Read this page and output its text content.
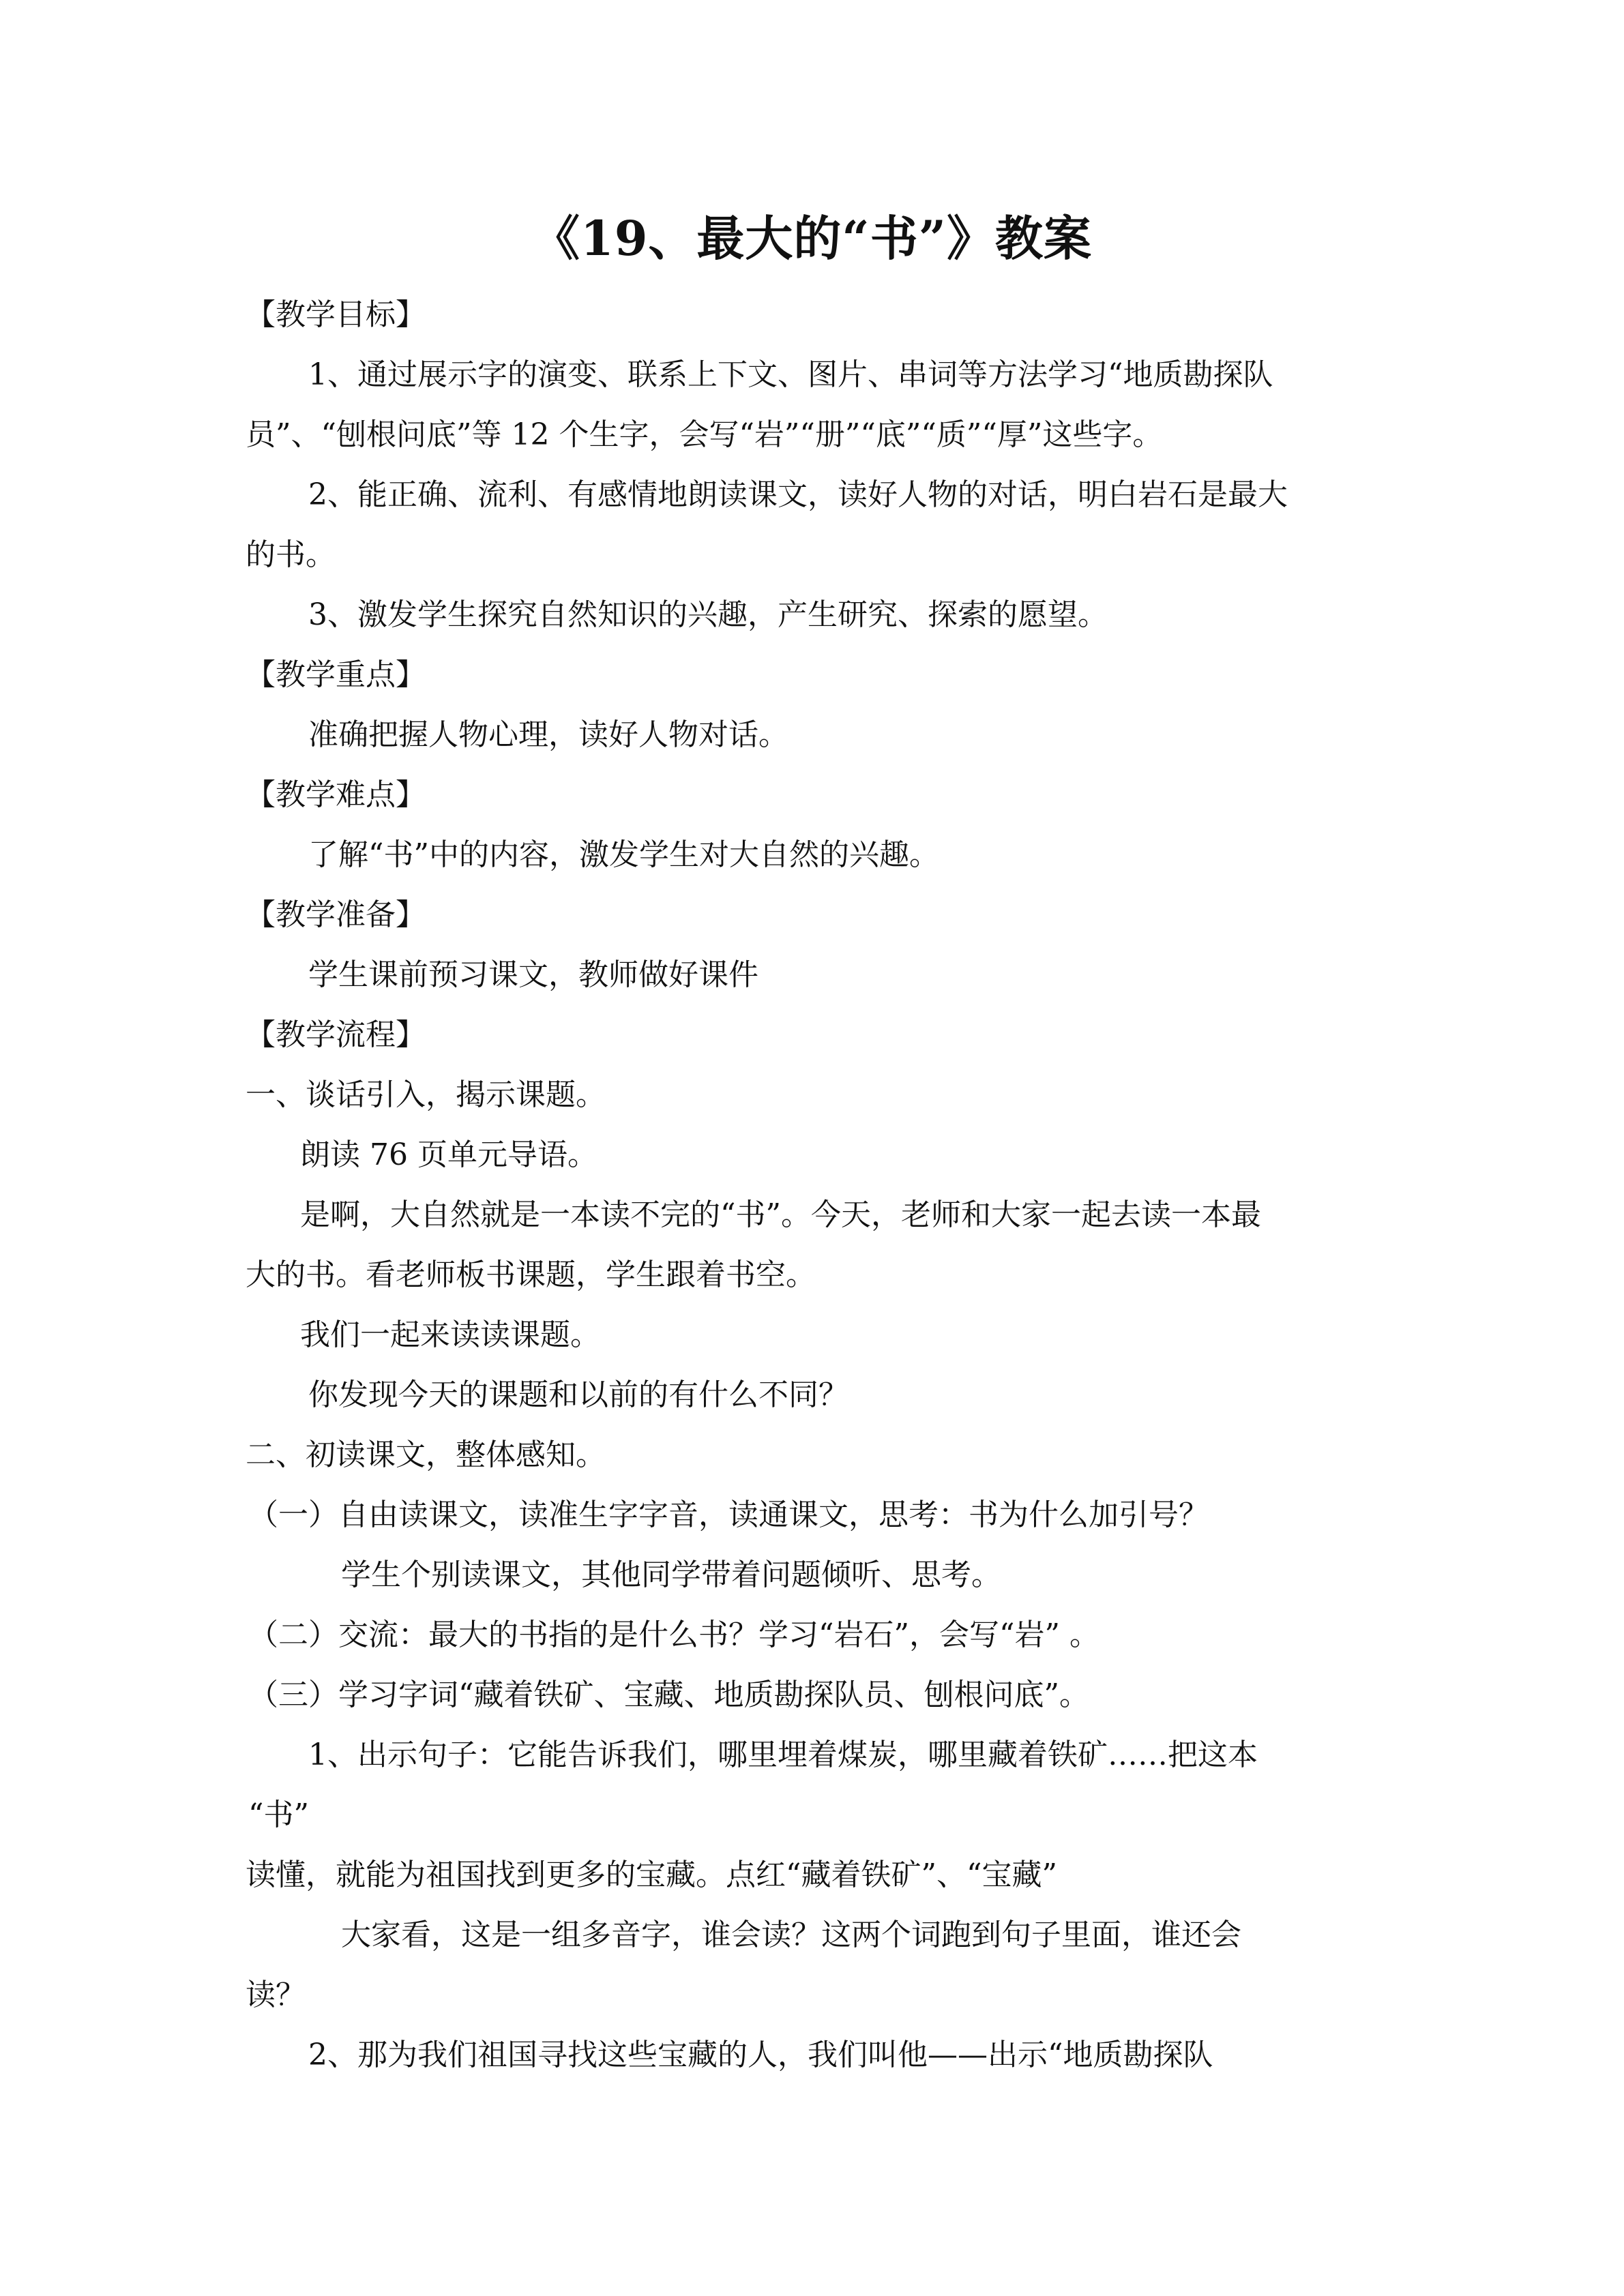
《19、最大的“书”》教案
【教学目标】
1、通过展示字的演变、联系上下文、图片、串词等方法学习“地质勘探队
员”、“刨根问底”等 12 个生字，会写“岩”“册”“底”“质”“厚”这些字。
2、能正确、流利、有感情地朗读课文，读好人物的对话，明白岩石是最大
的书。
3、激发学生探究自然知识的兴趣，产生研究、探索的愿望。
【教学重点】
准确把握人物心理，读好人物对话。
【教学难点】
了解“书”中的内容，激发学生对大自然的兴趣。
【教学准备】
学生课前预习课文，教师做好课件
【教学流程】
一、谈话引入，揭示课题。
朗读 76 页单元导语。
是啊，大自然就是一本读不完的“书”。今天，老师和大家一起去读一本最
大的书。看老师板书课题，学生跟着书空。
我们一起来读读课题。
你发现今天的课题和以前的有什么不同？
二、初读课文，整体感知。
（一）自由读课文，读准生字字音，读通课文，思考：书为什么加引号？
学生个别读课文，其他同学带着问题倾听、思考。
（二）交流：最大的书指的是什么书？学习“岩石”，会写“岩” 。
（三）学习字词“藏着铁矿、宝藏、地质勘探队员、刨根问底”。
1、出示句子：它能告诉我们，哪里埋着煤炭，哪里藏着铁矿……把这本
“书”
读懂，就能为祖国找到更多的宝藏。点红“藏着铁矿”、“宝藏”
大家看，这是一组多音字，谁会读？这两个词跑到句子里面，谁还会
读？
2、那为我们祖国寻找这些宝藏的人，我们叫他——出示“地质勘探队
